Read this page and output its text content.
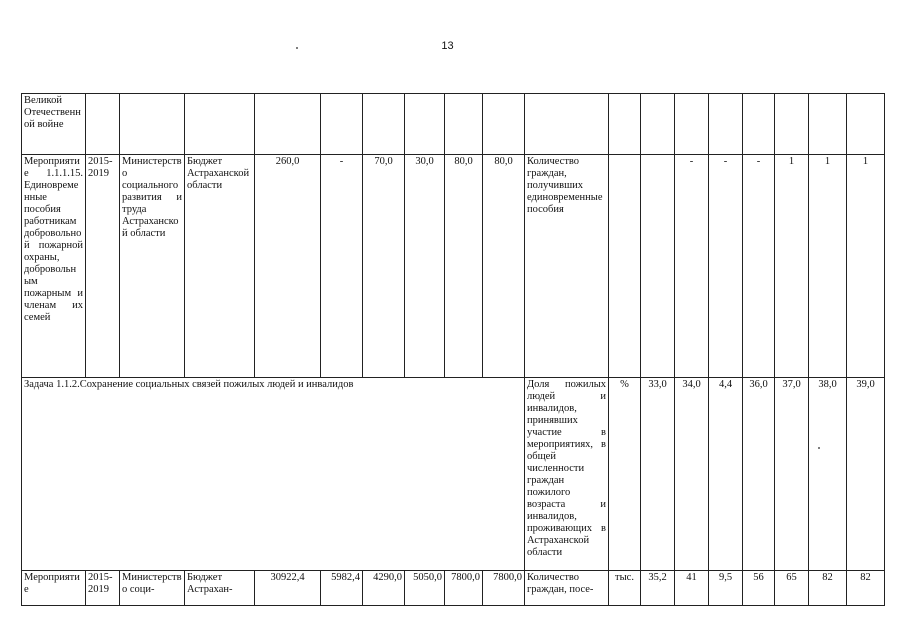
13
Великой Отечественной войне																		
Мероприятие 1.1.1.15. Единовременные пособия работникам добровольной пожарной охраны, добровольным пожарным и членам их семей	2015-2019	Министерство социального развития и труда Астраханской области	Бюджет Астраханской области	260,0	-	70,0	30,0	80,0	80,0	Количество граждан, получивших единовременные пособия			-	-	-	1	1	1
Задача 1.1.2.Сохранение социальных связей пожилых людей и инвалидов										Доля пожилых людей и инвалидов, принявших участие в мероприятиях, в общей численности граждан пожилого возраста и инвалидов, проживающих в Астраханской области	%	33,0	34,0	4,4	36,0	37,0	38,0	39,0
Мероприятие	2015-2019	Министерство соци-	Бюджет Астрахан-	30922,4	5982,4	4290,0	5050,0	7800,0	7800,0	Количество граждан, посе-	тыс.	35,2	41	9,5	56	65	82	82
